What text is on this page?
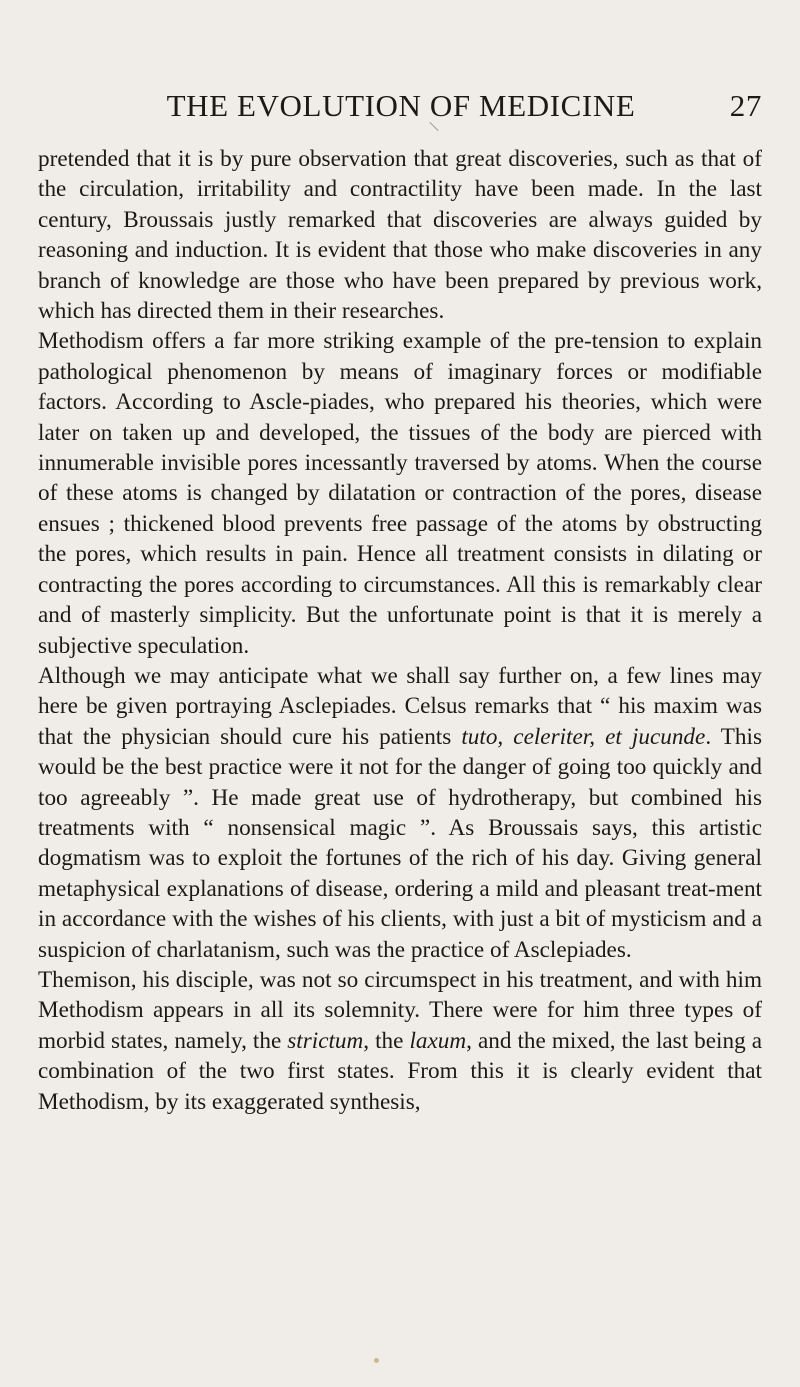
THE EVOLUTION OF MEDICINE	27

pretended that it is by pure observation that great discoveries, such as that of the circulation, irritability and contractility have been made. In the last century, Broussais justly remarked that discoveries are always guided by reasoning and induction. It is evident that those who make discoveries in any branch of knowledge are those who have been prepared by previous work, which has directed them in their researches.

Methodism offers a far more striking example of the pre-tension to explain pathological phenomenon by means of imaginary forces or modifiable factors. According to Ascle-piades, who prepared his theories, which were later on taken up and developed, the tissues of the body are pierced with innumerable invisible pores incessantly traversed by atoms. When the course of these atoms is changed by dilatation or contraction of the pores, disease ensues ; thickened blood prevents free passage of the atoms by obstructing the pores, which results in pain. Hence all treatment consists in dilating or contracting the pores according to circumstances. All this is remarkably clear and of masterly simplicity. But the unfortunate point is that it is merely a subjective speculation.

Although we may anticipate what we shall say further on, a few lines may here be given portraying Asclepiades. Celsus remarks that “ his maxim was that the physician should cure his patients tuto, celeriter, et jucunde. This would be the best practice were it not for the danger of going too quickly and too agreeably ”. He made great use of hydrotherapy, but combined his treatments with “ nonsensical magic ”. As Broussais says, this artistic dogmatism was to exploit the fortunes of the rich of his day. Giving general metaphysical explanations of disease, ordering a mild and pleasant treat-ment in accordance with the wishes of his clients, with just a bit of mysticism and a suspicion of charlatanism, such was the practice of Asclepiades.

Themison, his disciple, was not so circumspect in his treatment, and with him Methodism appears in all its solemnity. There were for him three types of morbid states, namely, the strictum, the laxum, and the mixed, the last being a combination of the two first states. From this it is clearly evident that Methodism, by its exaggerated synthesis,
